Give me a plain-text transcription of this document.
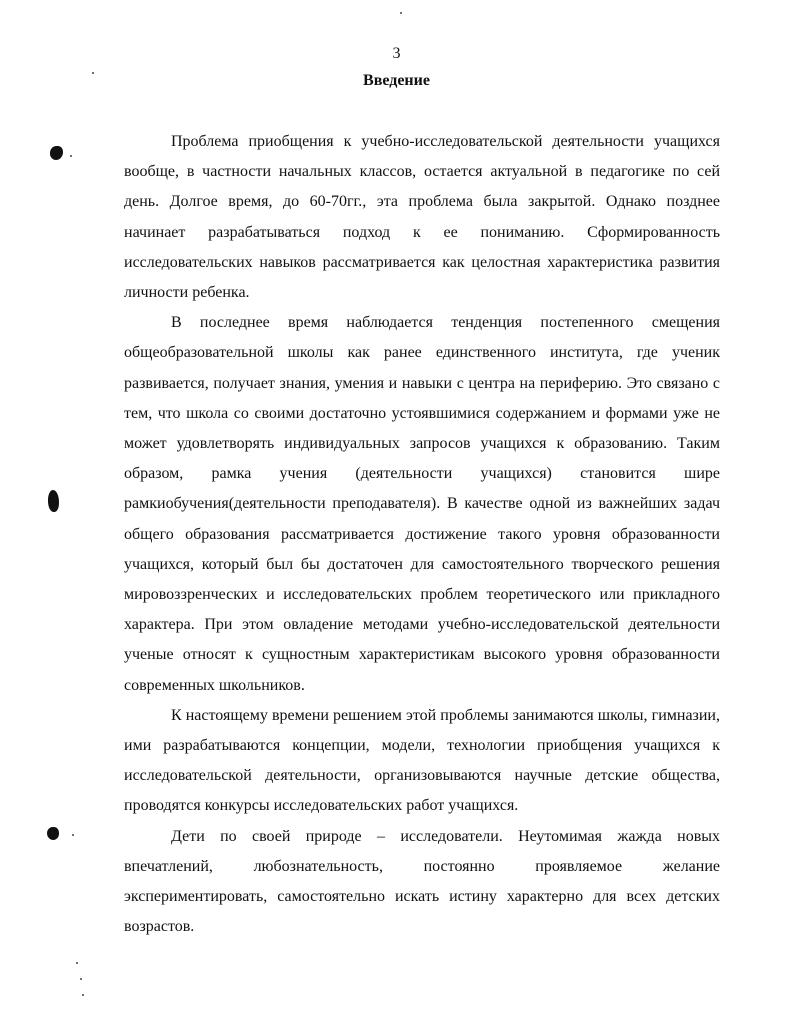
3
Введение

Проблема приобщения к учебно-исследовательской деятельности учащихся вообще, в частности начальных классов, остается актуальной в педагогике по сей день. Долгое время, до 60-70гг., эта проблема была закрытой. Однако позднее начинает разрабатываться подход к ее пониманию. Сформированность исследовательских навыков рассматривается как целостная характеристика развития личности ребенка.

В последнее время наблюдается тенденция постепенного смещения общеобразовательной школы как ранее единственного института, где ученик развивается, получает знания, умения и навыки с центра на периферию. Это связано с тем, что школа со своими достаточно устоявшимися содержанием и формами уже не может удовлетворять индивидуальных запросов учащихся к образованию. Таким образом, рамка учения (деятельности учащихся) становится шире рамкиобучения(деятельности преподавателя). В качестве одной из важнейших задач общего образования рассматривается достижение такого уровня образованности учащихся, который был бы достаточен для самостоятельного творческого решения мировоззренческих и исследовательских проблем теоретического или прикладного характера. При этом овладение методами учебно-исследовательской деятельности ученые относят к сущностным характеристикам высокого уровня образованности современных школьников.

К настоящему времени решением этой проблемы занимаются школы, гимназии, ими разрабатываются концепции, модели, технологии приобщения учащихся к исследовательской деятельности, организовываются научные детские общества, проводятся конкурсы исследовательских работ учащихся.

Дети по своей природе – исследователи. Неутомимая жажда новых впечатлений, любознательность, постоянно проявляемое желание экспериментировать, самостоятельно искать истину характерно для всех детских возрастов.
